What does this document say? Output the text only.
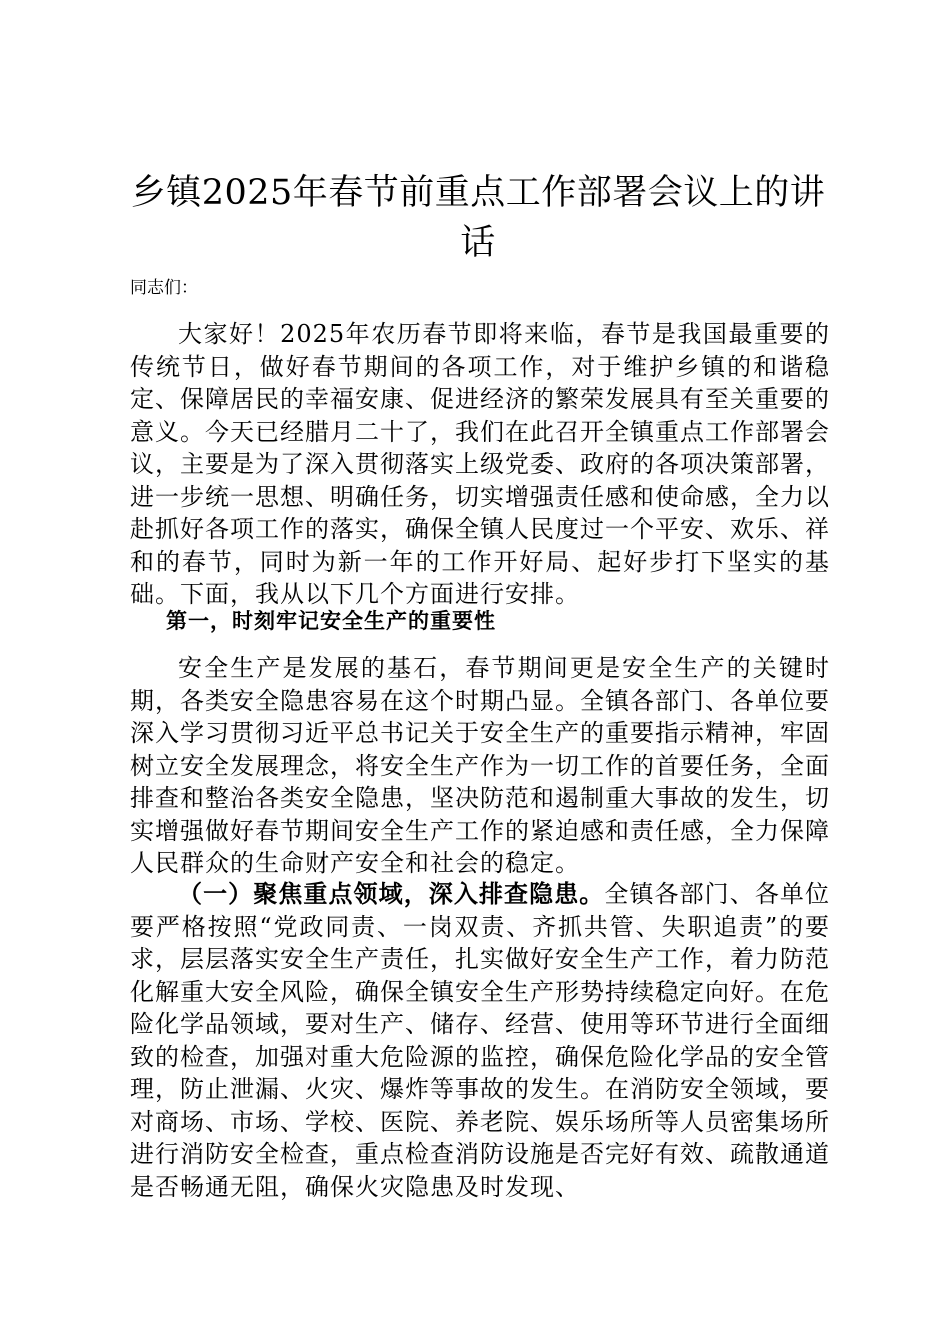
乡镇2025年春节前重点工作部署会议上的讲话
同志们：

大家好！2025年农历春节即将来临，春节是我国最重要的传统节日，做好春节期间的各项工作，对于维护乡镇的和谐稳定、保障居民的幸福安康、促进经济的繁荣发展具有至关重要的意义。今天已经腊月二十了，我们在此召开全镇重点工作部署会议，主要是为了深入贯彻落实上级党委、政府的各项决策部署，进一步统一思想、明确任务，切实增强责任感和使命感，全力以赴抓好各项工作的落实，确保全镇人民度过一个平安、欢乐、祥和的春节，同时为新一年的工作开好局、起好步打下坚实的基础。下面，我从以下几个方面进行安排。

第一，时刻牢记安全生产的重要性

安全生产是发展的基石，春节期间更是安全生产的关键时期，各类安全隐患容易在这个时期凸显。全镇各部门、各单位要深入学习贯彻习近平总书记关于安全生产的重要指示精神，牢固树立安全发展理念，将安全生产作为一切工作的首要任务，全面排查和整治各类安全隐患，坚决防范和遏制重大事故的发生，切实增强做好春节期间安全生产工作的紧迫感和责任感，全力保障人民群众的生命财产安全和社会的稳定。

（一）聚焦重点领域，深入排查隐患。全镇各部门、各单位要严格按照“党政同责、一岗双责、齐抓共管、失职追责”的要求，层层落实安全生产责任，扎实做好安全生产工作，着力防范化解重大安全风险，确保全镇安全生产形势持续稳定向好。在危险化学品领域，要对生产、储存、经营、使用等环节进行全面细致的检查，加强对重大危险源的监控，确保危险化学品的安全管理，防止泄漏、火灾、爆炸等事故的发生。在消防安全领域，要对商场、市场、学校、医院、养老院、娱乐场所等人员密集场所进行消防安全检查，重点检查消防设施是否完好有效、疏散通道是否畅通无阻，确保火灾隐患及时发现、
